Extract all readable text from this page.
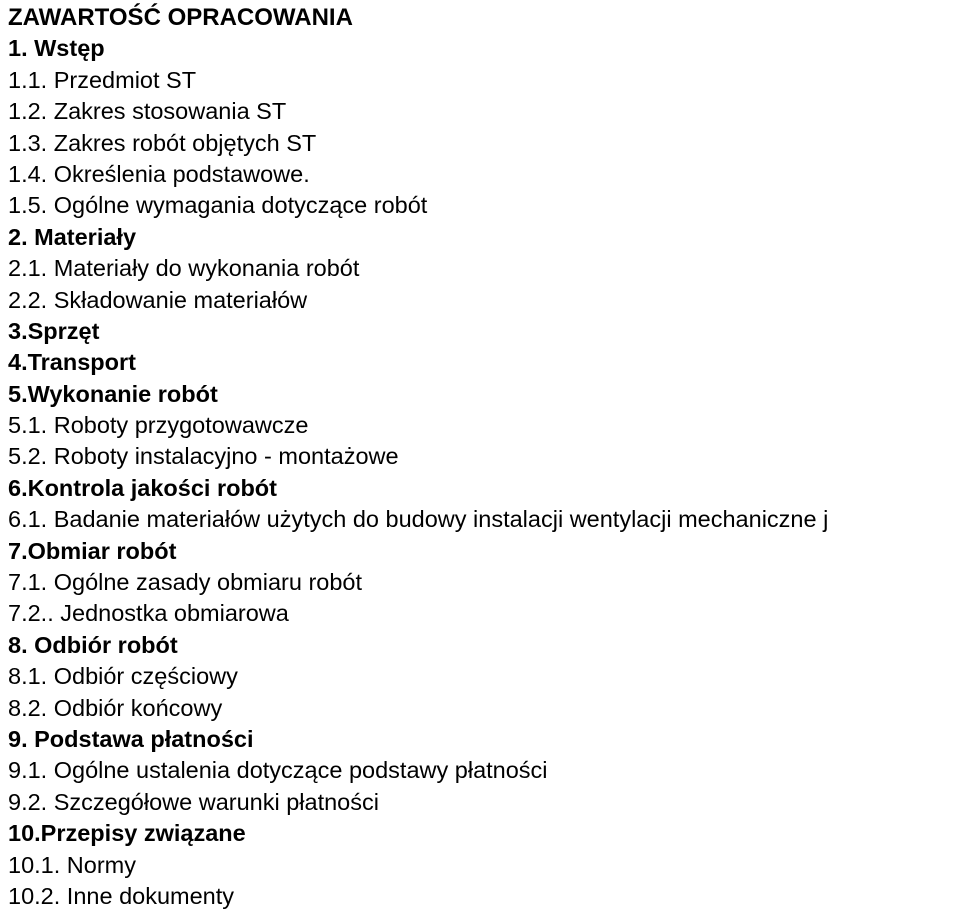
ZAWARTOŚĆ OPRACOWANIA
1. Wstęp
1.1. Przedmiot ST
1.2. Zakres stosowania ST
1.3. Zakres robót objętych ST
1.4. Określenia podstawowe.
1.5. Ogólne wymagania dotyczące robót
2. Materiały
2.1. Materiały do wykonania robót
2.2. Składowanie materiałów
3.Sprzęt
4.Transport
5.Wykonanie robót
5.1. Roboty przygotowawcze
5.2. Roboty instalacyjno - montażowe
6.Kontrola jakości robót
6.1. Badanie materiałów użytych do budowy instalacji wentylacji mechaniczne j
7.Obmiar robót
7.1. Ogólne zasady obmiaru robót
7.2.. Jednostka obmiarowa
8. Odbiór robót
8.1. Odbiór częściowy
8.2. Odbiór końcowy
9. Podstawa płatności
9.1. Ogólne ustalenia dotyczące podstawy płatności
9.2. Szczegółowe warunki płatności
10.Przepisy związane
10.1. Normy
10.2. Inne dokumenty
